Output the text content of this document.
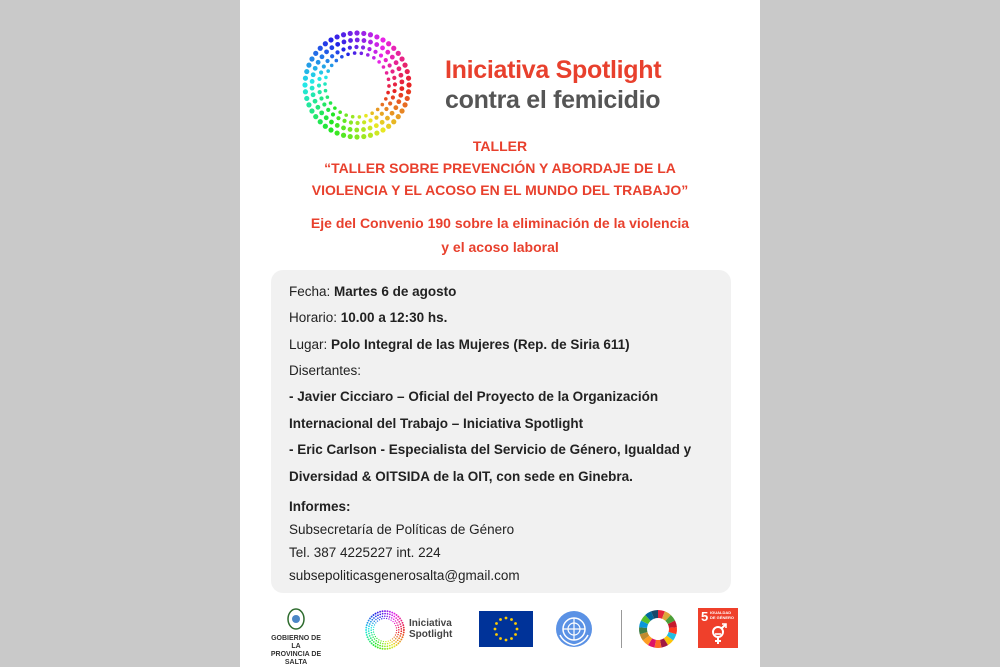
Iniciativa Spotlight
contra el femicidio
TALLER
“TALLER SOBRE PREVENCIÓN Y ABORDAJE DE LA
VIOLENCIA Y EL ACOSO EN EL MUNDO DEL TRABAJO”
Eje del Convenio 190 sobre la eliminación de la violencia
y el acoso laboral
Fecha: Martes 6 de agosto
Horario: 10.00 a 12:30 hs.
Lugar: Polo Integral de las Mujeres (Rep. de Siria 611)
Disertantes:
- Javier Cicciaro – Oficial del Proyecto de la Organización
Internacional del Trabajo – Iniciativa Spotlight
- Eric Carlson - Especialista del Servicio de Género, Igualdad y
Diversidad & OITSIDA de la OIT, con sede en Ginebra.
Informes:
Subsecretaría de Políticas de Género
Tel. 387 4225227 int. 224
subsepoliticasgenerosalta@gmail.com
GOBIERNO DE LA
PROVINCIA DE SALTA
Iniciativa
Spotlight
5 IGUALDAD DE GÉNERO
